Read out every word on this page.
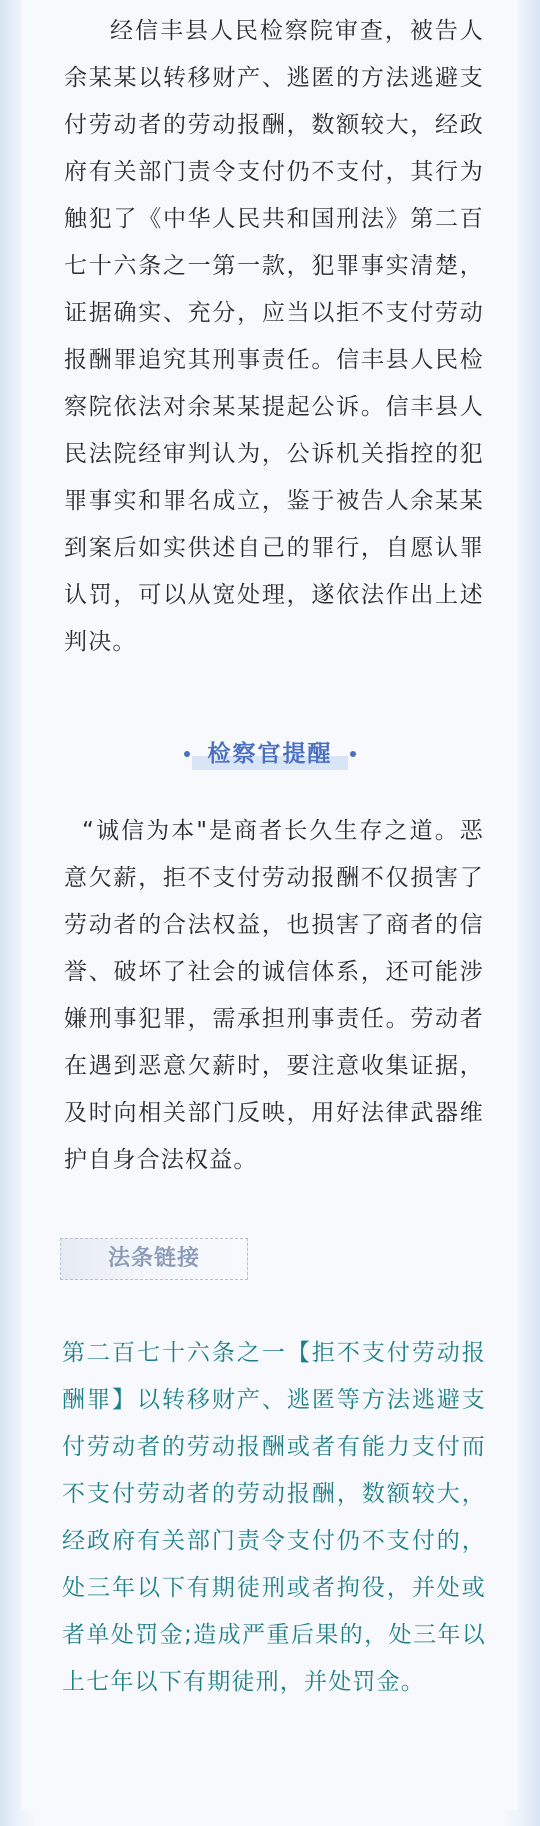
经信丰县人民检察院审查，被告人余某某以转移财产、逃匿的方法逃避支付劳动者的劳动报酬，数额较大，经政府有关部门责令支付仍不支付，其行为触犯了《中华人民共和国刑法》第二百七十六条之一第一款，犯罪事实清楚，证据确实、充分，应当以拒不支付劳动报酬罪追究其刑事责任。信丰县人民检察院依法对余某某提起公诉。信丰县人民法院经审判认为，公诉机关指控的犯罪事实和罪名成立，鉴于被告人余某某到案后如实供述自己的罪行，自愿认罪认罚，可以从宽处理，遂依法作出上述判决。

检察官提醒

“诚信为本"是商者长久生存之道。恶意欠薪，拒不支付劳动报酬不仅损害了劳动者的合法权益，也损害了商者的信誉、破坏了社会的诚信体系，还可能涉嫌刑事犯罪，需承担刑事责任。劳动者在遇到恶意欠薪时，要注意收集证据，及时向相关部门反映，用好法律武器维护自身合法权益。

法条链接

第二百七十六条之一【拒不支付劳动报酬罪】以转移财产、逃匿等方法逃避支付劳动者的劳动报酬或者有能力支付而不支付劳动者的劳动报酬，数额较大，经政府有关部门责令支付仍不支付的，处三年以下有期徒刑或者拘役，并处或者单处罚金;造成严重后果的，处三年以上七年以下有期徒刑，并处罚金。
